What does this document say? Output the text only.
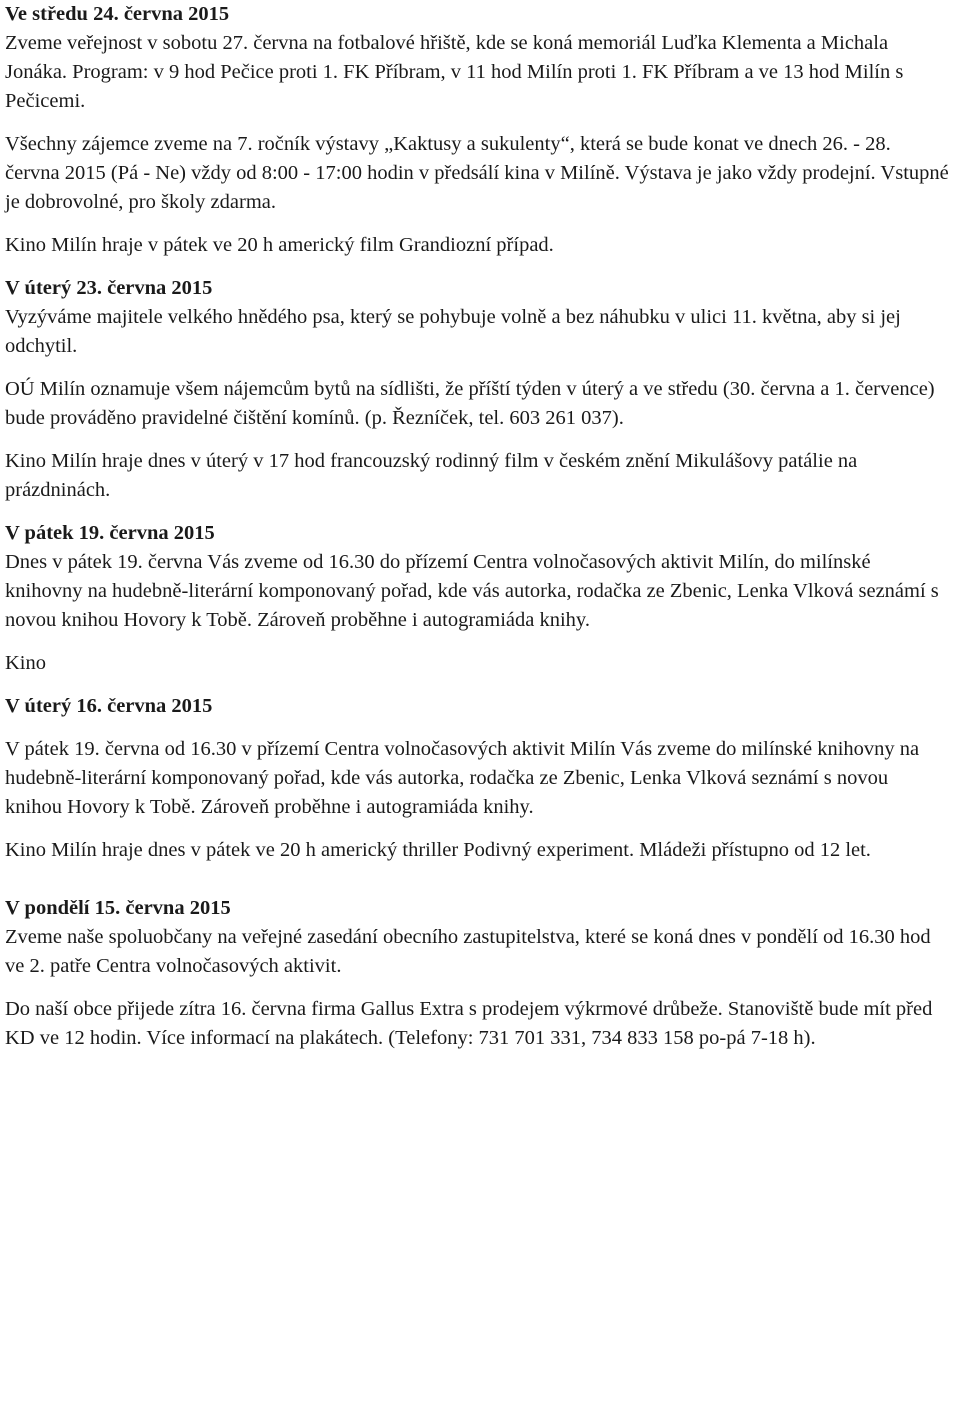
Ve středu 24. června 2015

Zveme veřejnost v sobotu 27. června na fotbalové hřiště, kde se koná memoriál Luďka Klementa a Michala Jonáka. Program: v 9 hod Pečice proti 1. FK Příbram, v 11 hod Milín proti 1. FK Příbram a ve 13 hod Milín s Pečicemi.

Všechny zájemce zveme na 7. ročník výstavy „Kaktusy a sukulenty“, která se bude konat ve dnech 26. - 28. června 2015 (Pá - Ne) vždy od 8:00 - 17:00 hodin v předsálí kina v Milíně. Výstava je jako vždy prodejní. Vstupné je dobrovolné, pro školy zdarma.

Kino Milín hraje v pátek ve 20 h americký film Grandiozní případ.

V úterý 23. června 2015

Vyzýváme majitele velkého hnědého psa, který se pohybuje volně a bez náhubku v ulici 11. května, aby si jej odchytil.

OÚ Milín oznamuje všem nájemcům bytů na sídlišti, že příští týden v úterý a ve středu (30. června a 1. července) bude prováděno pravidelné čištění komínů. (p. Řezníček, tel. 603 261 037).

Kino Milín hraje dnes v úterý v 17 hod francouzský rodinný film v českém znění Mikulášovy patálie na prázdninách.

V pátek 19. června 2015

Dnes v pátek 19. června Vás zveme od 16.30 do přízemí Centra volnočasových aktivit Milín, do milínské knihovny na hudebně-literární komponovaný pořad, kde vás autorka, rodačka ze Zbenic, Lenka Vlková seznámí s novou knihou Hovory k Tobě. Zároveň proběhne i autogramiáda knihy.

Kino

V úterý 16. června 2015

V pátek 19. června od 16.30 v přízemí Centra volnočasových aktivit Milín Vás zveme do milínské knihovny na hudebně-literární komponovaný pořad, kde vás autorka, rodačka ze Zbenic, Lenka Vlková seznámí s novou knihou Hovory k Tobě. Zároveň proběhne i autogramiáda knihy.

Kino Milín hraje dnes v pátek ve 20 h americký thriller Podivný experiment. Mládeži přístupno od 12 let.

V pondělí 15. června 2015

Zveme naše spoluobčany na veřejné zasedání obecního zastupitelstva, které se koná dnes v pondělí od 16.30 hod ve 2. patře Centra volnočasových aktivit.

Do naší obce přijede zítra 16. června firma Gallus Extra s prodejem výkrmové drůbeže. Stanoviště bude mít před KD ve 12 hodin. Více informací na plakátech. (Telefony: 731 701 331, 734 833 158 po-pá 7-18 h).
